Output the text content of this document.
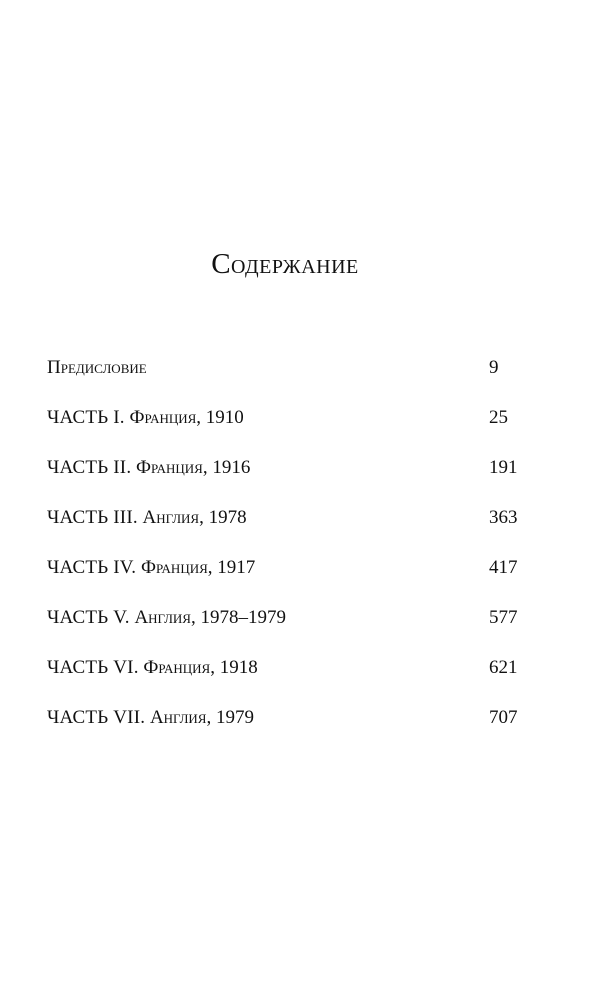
Содержание
Предисловие	9
ЧАСТЬ I. Франция, 1910	25
ЧАСТЬ II. Франция, 1916	191
ЧАСТЬ III. Англия, 1978	363
ЧАСТЬ IV. Франция, 1917	417
ЧАСТЬ V. Англия, 1978–1979	577
ЧАСТЬ VI. Франция, 1918	621
ЧАСТЬ VII. Англия, 1979	707
